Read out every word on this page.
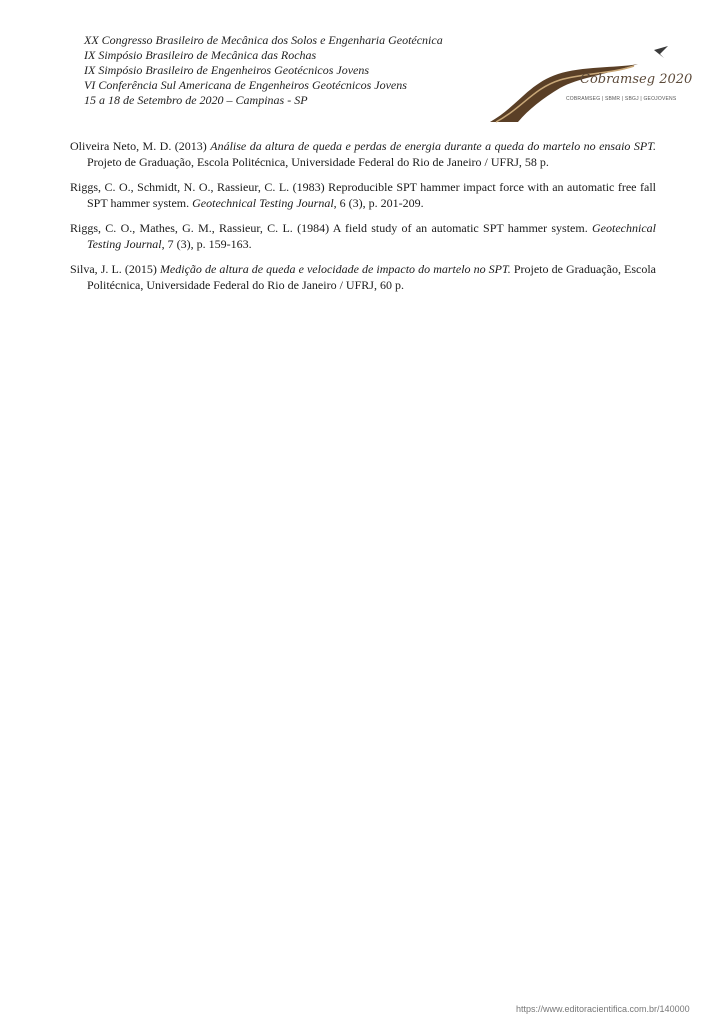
XX Congresso Brasileiro de Mecânica dos Solos e Engenharia Geotécnica
IX Simpósio Brasileiro de Mecânica das Rochas
IX Simpósio Brasileiro de Engenheiros Geotécnicos Jovens
VI Conferência Sul Americana de Engenheiros Geotécnicos Jovens
15 a 18 de Setembro de 2020 – Campinas - SP
Cobramseg 2020
COBRAMSEG | SBMR | SBGJ | GEOJOVENS

Oliveira Neto, M. D. (2013) Análise da altura de queda e perdas de energia durante a queda do martelo no ensaio SPT. Projeto de Graduação, Escola Politécnica, Universidade Federal do Rio de Janeiro / UFRJ, 58 p.

Riggs, C. O., Schmidt, N. O., Rassieur, C. L. (1983) Reproducible SPT hammer impact force with an automatic free fall SPT hammer system. Geotechnical Testing Journal, 6 (3), p. 201-209.

Riggs, C. O., Mathes, G. M., Rassieur, C. L. (1984) A field study of an automatic SPT hammer system. Geotechnical Testing Journal, 7 (3), p. 159-163.

Silva, J. L. (2015) Medição de altura de queda e velocidade de impacto do martelo no SPT. Projeto de Graduação, Escola Politécnica, Universidade Federal do Rio de Janeiro / UFRJ, 60 p.

https://www.editoracientifica.com.br/140000
